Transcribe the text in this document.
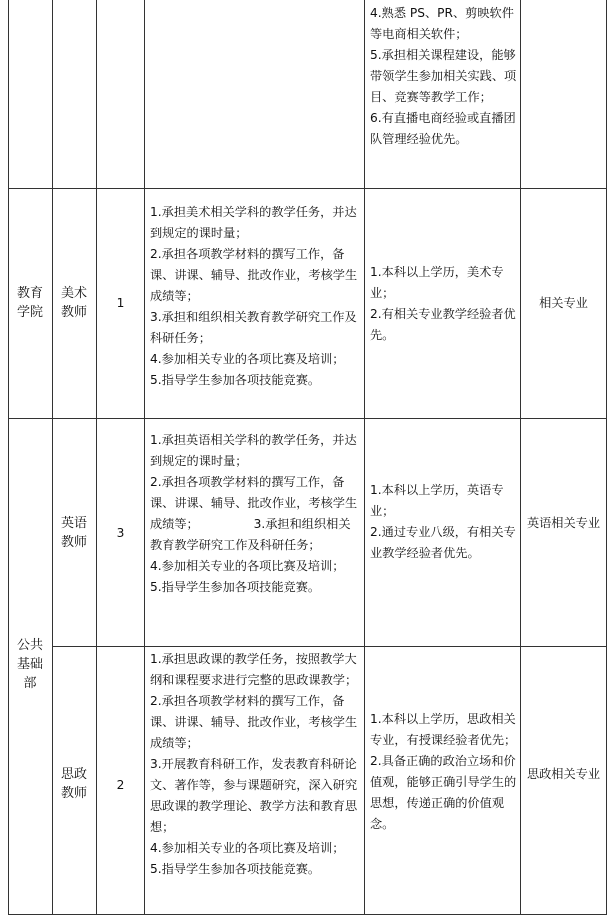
4.熟悉 PS、PR、剪映软件等电商相关软件；
5.承担相关课程建设，能够带领学生参加相关实践、项目、竞赛等教学工作；
6.有直播电商经验或直播团队管理经验优先。
教育学院
美术教师
1
1.承担美术相关学科的教学任务，并达到规定的课时量；
2.承担各项教学材料的撰写工作，备课、讲课、辅导、批改作业，考核学生成绩等；
3.承担和组织相关教育教学研究工作及科研任务；
4.参加相关专业的各项比赛及培训；
5.指导学生参加各项技能竞赛。
1.本科以上学历，美术专业；
2.有相关专业教学经验者优先。
相关专业
公共基础部
英语教师
3
1.承担英语相关学科的教学任务，并达到规定的课时量；
2.承担各项教学材料的撰写工作，备课、讲课、辅导、批改作业，考核学生成绩等；　　　　　3.承担和组织相关教育教学研究工作及科研任务；
4.参加相关专业的各项比赛及培训；
5.指导学生参加各项技能竞赛。
1.本科以上学历，英语专业；
2.通过专业八级，有相关专业教学经验者优先。
英语相关专业
思政教师
2
1.承担思政课的教学任务，按照教学大纲和课程要求进行完整的思政课教学；
2.承担各项教学材料的撰写工作，备课、讲课、辅导、批改作业，考核学生成绩等；
3.开展教育科研工作，发表教育科研论文、著作等，参与课题研究，深入研究思政课的教学理论、教学方法和教育思想；
4.参加相关专业的各项比赛及培训；
5.指导学生参加各项技能竞赛。
1.本科以上学历，思政相关专业，有授课经验者优先；
2.具备正确的政治立场和价值观，能够正确引导学生的思想，传递正确的价值观念。
思政相关专业
